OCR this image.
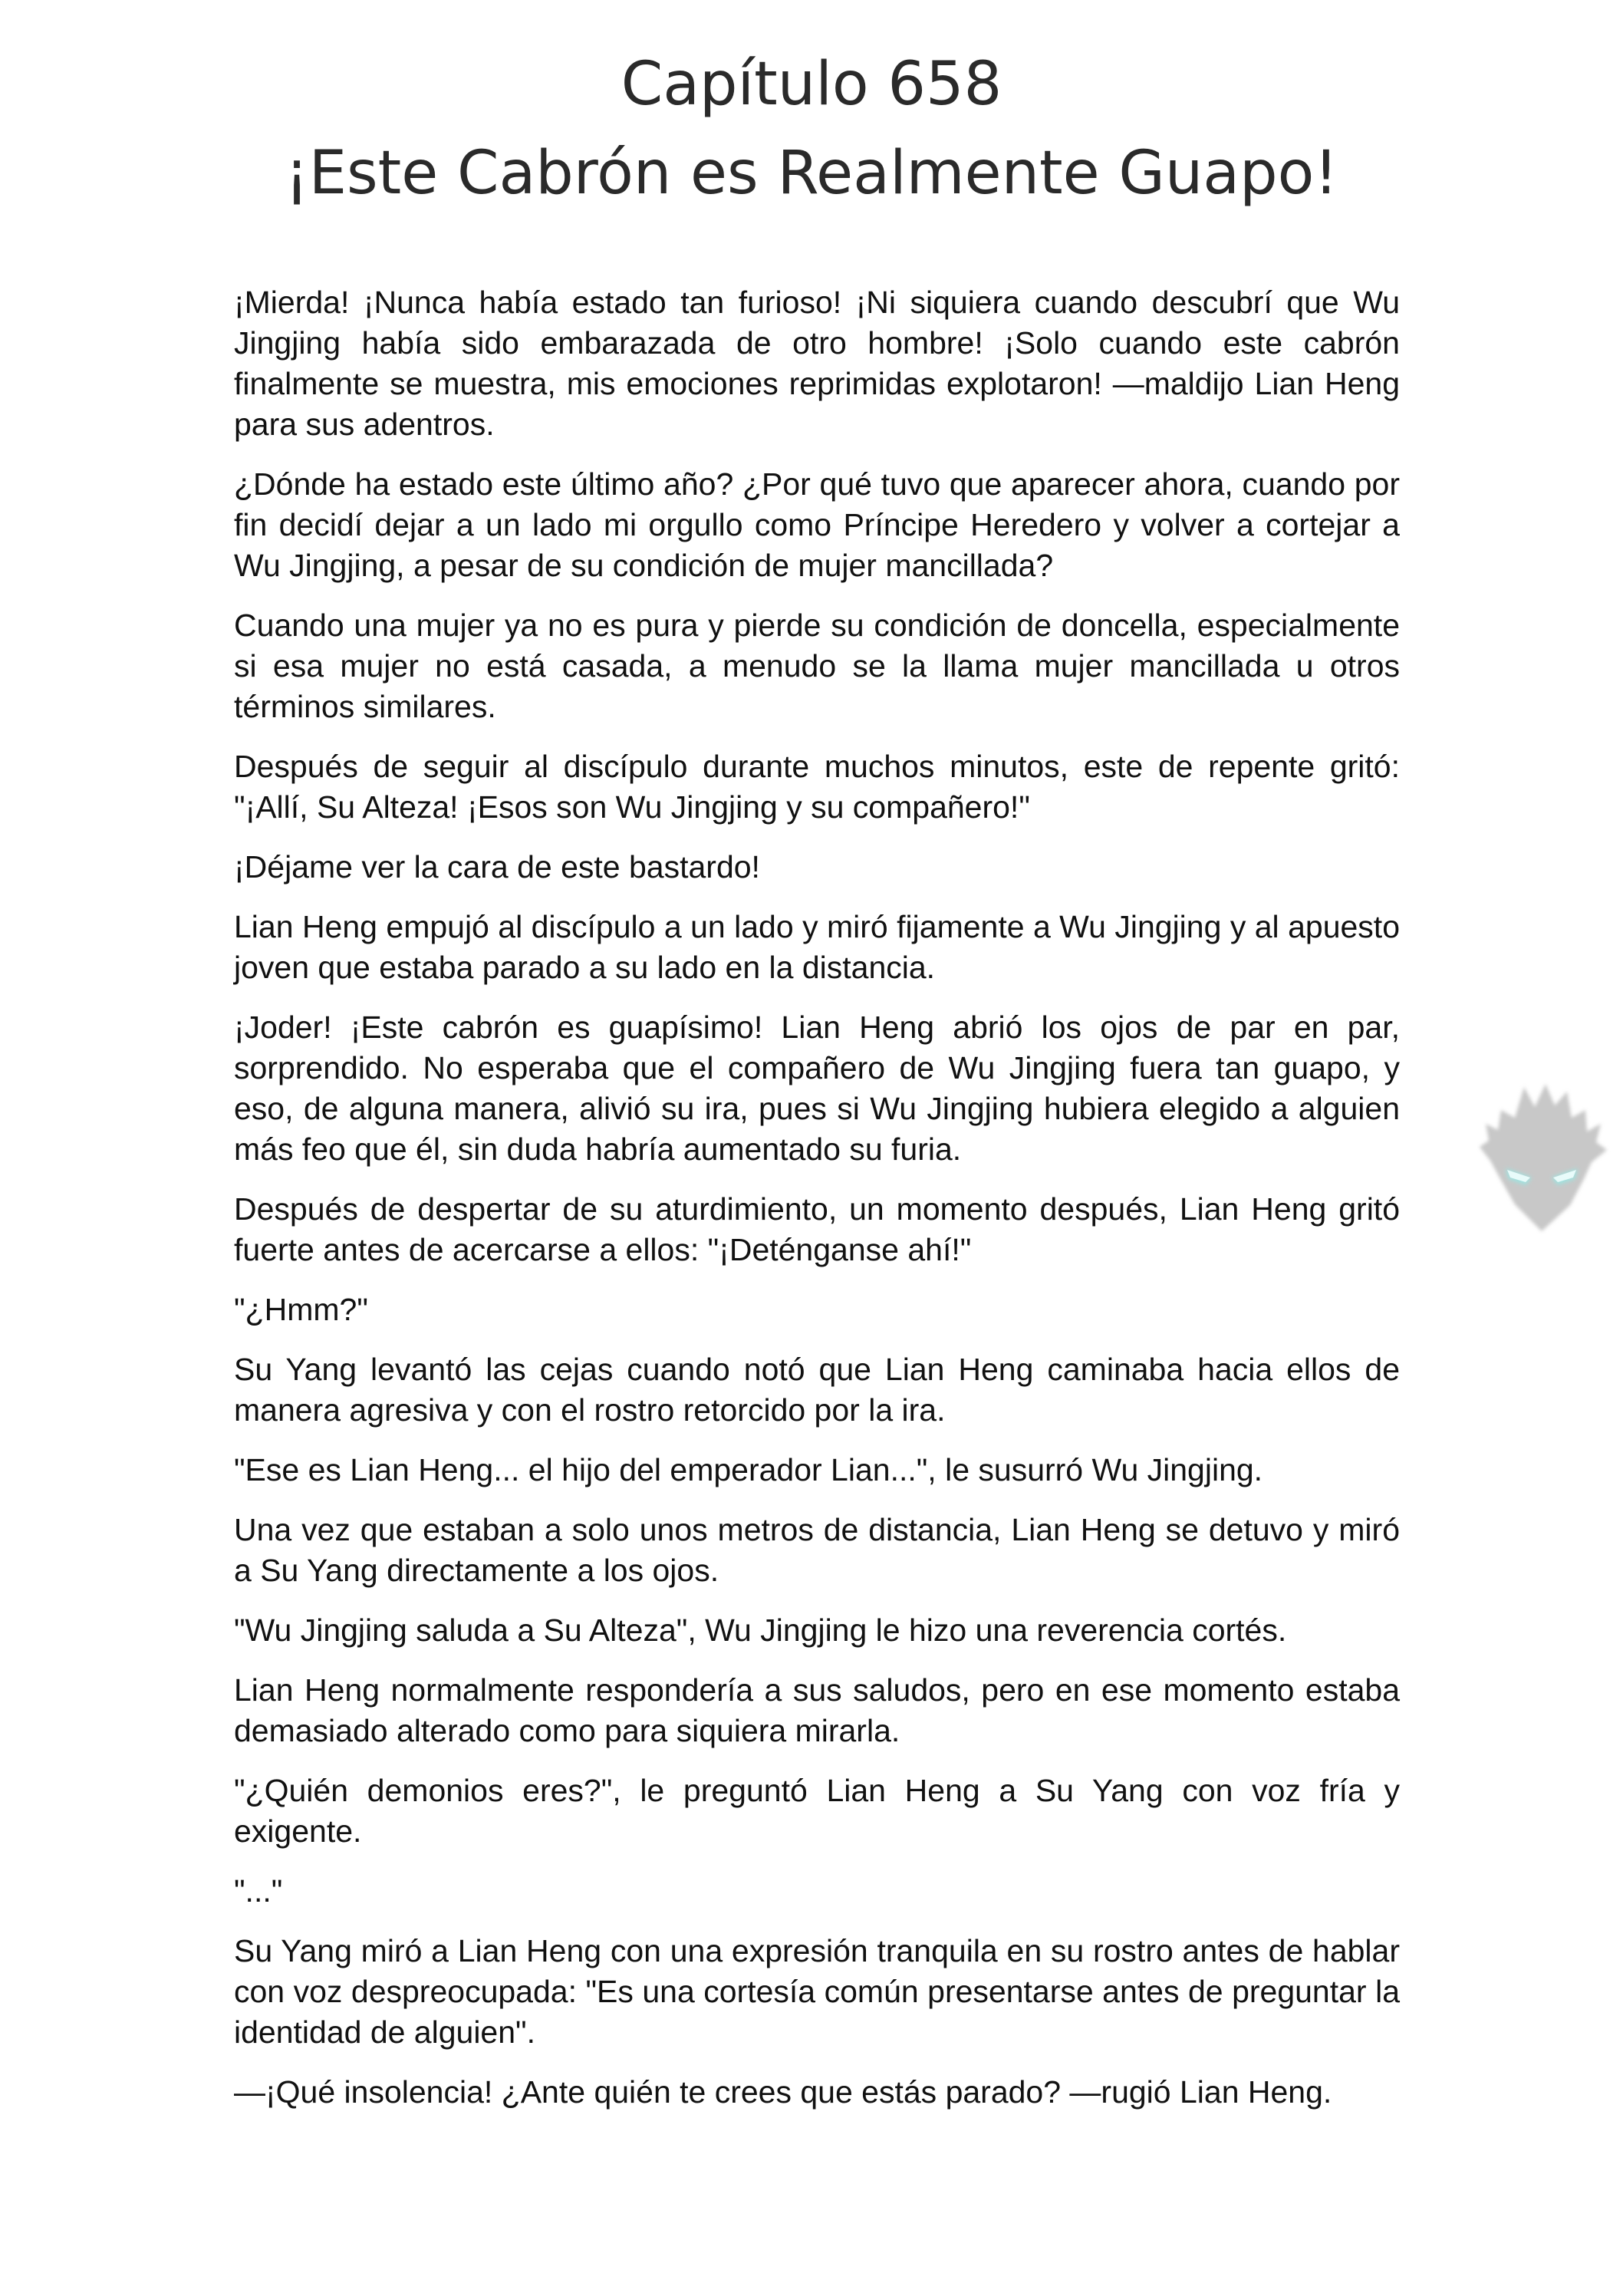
Capítulo 658

¡Este Cabrón es Realmente Guapo!

¡Mierda! ¡Nunca había estado tan furioso! ¡Ni siquiera cuando descubrí que Wu Jingjing había sido embarazada de otro hombre! ¡Solo cuando este cabrón finalmente se muestra, mis emociones reprimidas explotaron! —maldijo Lian Heng para sus adentros.

¿Dónde ha estado este último año? ¿Por qué tuvo que aparecer ahora, cuando por fin decidí dejar a un lado mi orgullo como Príncipe Heredero y volver a cortejar a Wu Jingjing, a pesar de su condición de mujer mancillada?

Cuando una mujer ya no es pura y pierde su condición de doncella, especialmente si esa mujer no está casada, a menudo se la llama mujer mancillada u otros términos similares.

Después de seguir al discípulo durante muchos minutos, este de repente gritó: "¡Allí, Su Alteza! ¡Esos son Wu Jingjing y su compañero!"

¡Déjame ver la cara de este bastardo!

Lian Heng empujó al discípulo a un lado y miró fijamente a Wu Jingjing y al apuesto joven que estaba parado a su lado en la distancia.

¡Joder! ¡Este cabrón es guapísimo! Lian Heng abrió los ojos de par en par, sorprendido. No esperaba que el compañero de Wu Jingjing fuera tan guapo, y eso, de alguna manera, alivió su ira, pues si Wu Jingjing hubiera elegido a alguien más feo que él, sin duda habría aumentado su furia.

Después de despertar de su aturdimiento, un momento después, Lian Heng gritó fuerte antes de acercarse a ellos: "¡Deténganse ahí!"

"¿Hmm?"

Su Yang levantó las cejas cuando notó que Lian Heng caminaba hacia ellos de manera agresiva y con el rostro retorcido por la ira.

"Ese es Lian Heng... el hijo del emperador Lian...", le susurró Wu Jingjing.

Una vez que estaban a solo unos metros de distancia, Lian Heng se detuvo y miró a Su Yang directamente a los ojos.

"Wu Jingjing saluda a Su Alteza", Wu Jingjing le hizo una reverencia cortés.

Lian Heng normalmente respondería a sus saludos, pero en ese momento estaba demasiado alterado como para siquiera mirarla.

"¿Quién demonios eres?", le preguntó Lian Heng a Su Yang con voz fría y exigente.

"..."

Su Yang miró a Lian Heng con una expresión tranquila en su rostro antes de hablar con voz despreocupada: "Es una cortesía común presentarse antes de preguntar la identidad de alguien".

—¡Qué insolencia! ¿Ante quién te crees que estás parado? —rugió Lian Heng.
